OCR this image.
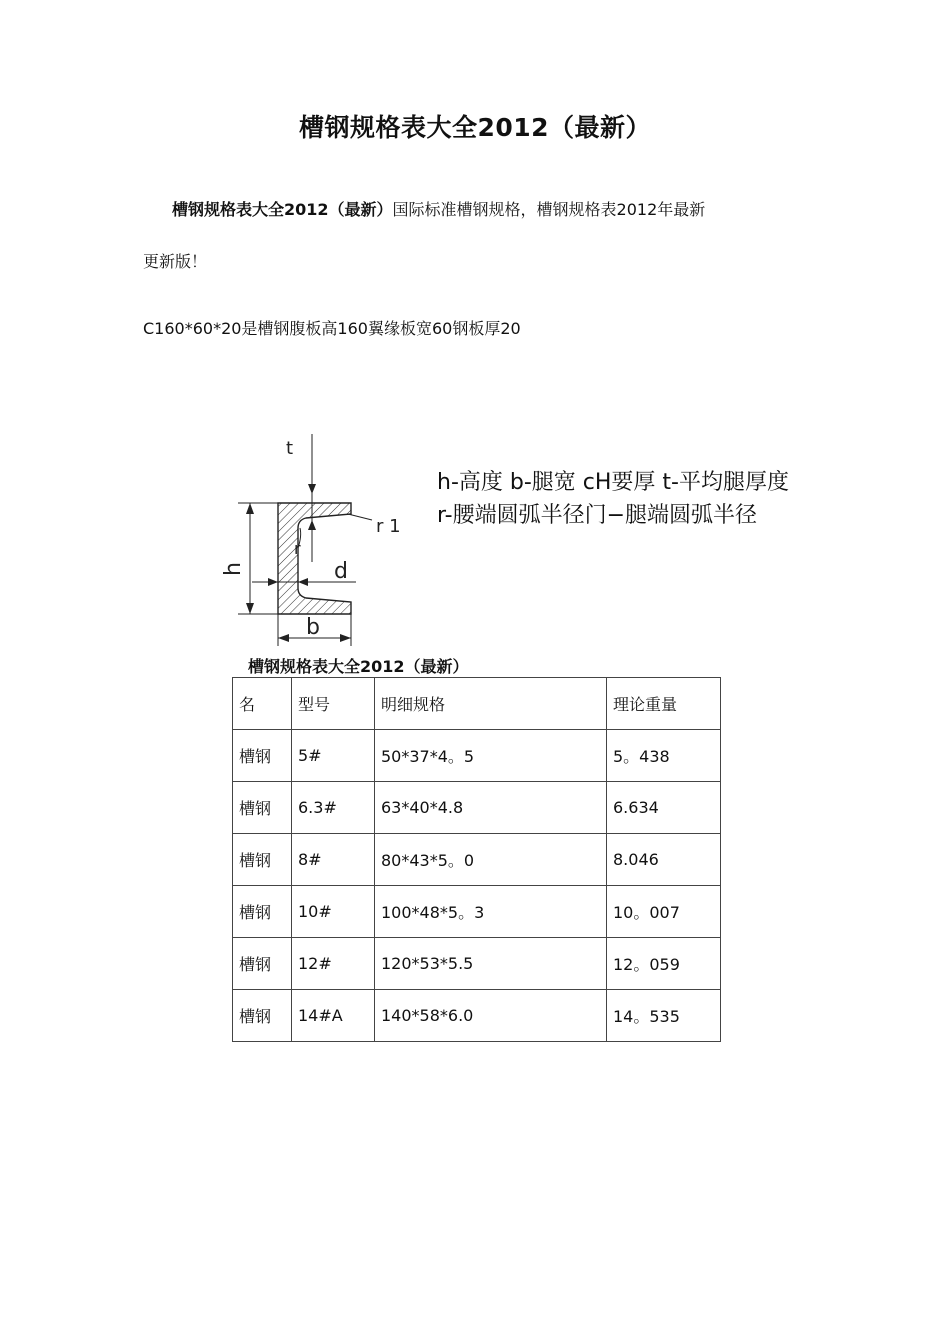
槽钢规格表大全2012（最新）
槽钢规格表大全2012（最新）国际标准槽钢规格，槽钢规格表2012年最新
更新版！
C160*60*20是槽钢腹板高160翼缘板宽60钢板厚20
t
r 1
r
h	d
b
h-高度 b-腿宽 cH要厚 t-平均腿厚度
r-腰端圆弧半径门−腿端圆弧半径
槽钢规格表大全2012（最新）
名	型号	明细规格	理论重量
槽钢	5#	50*37*4。5	5。438
槽钢	6.3#	63*40*4.8	6.634
槽钢	8#	80*43*5。0	8.046
槽钢	10#	100*48*5。3	10。007
槽钢	12#	120*53*5.5	12。059
槽钢	14#A	140*58*6.0	14。535
